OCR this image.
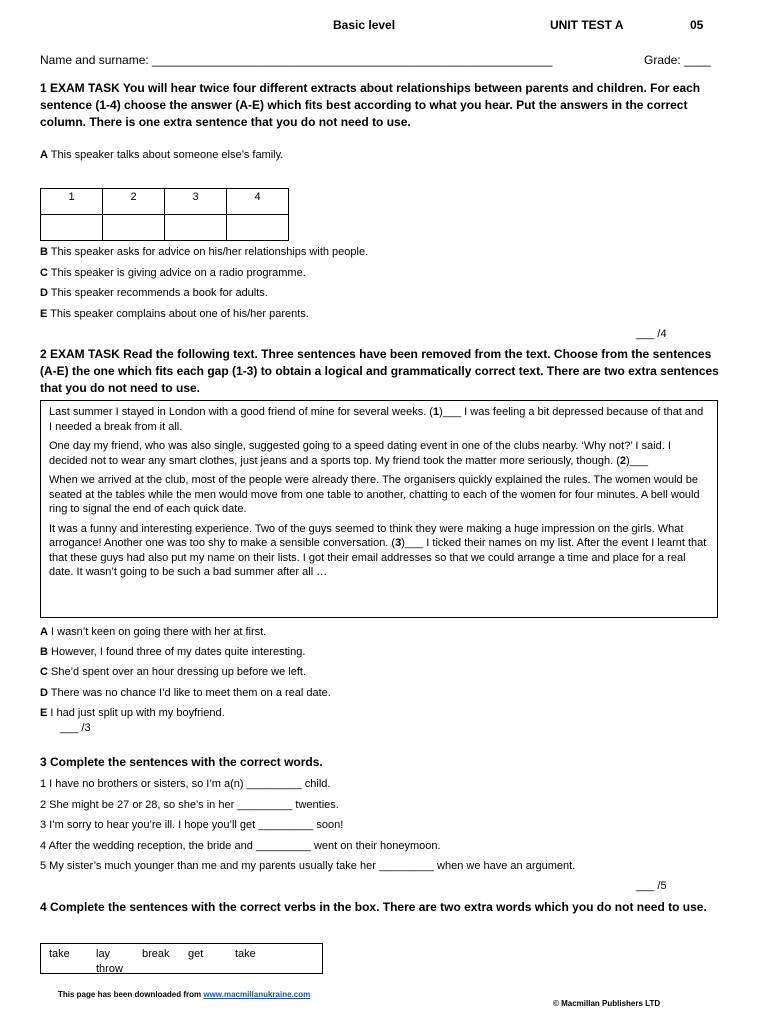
Basic level	UNIT TEST A	05
Name and surname: ____________________________________________________________	Grade: ____
1 EXAM TASK You will hear twice four different extracts about relationships between parents and children. For each sentence (1-4) choose the answer (A-E) which fits best according to what you hear. Put the answers in the correct column. There is one extra sentence that you do not need to use.
A This speaker talks about someone else’s family.
1	2	3	4

B This speaker asks for advice on his/her relationships with people.
C This speaker is giving advice on a radio programme.
D This speaker recommends a book for adults.
E This speaker complains about one of his/her parents.
___ /4
2 EXAM TASK Read the following text. Three sentences have been removed from the text. Choose from the sentences (A-E) the one which fits each gap (1-3) to obtain a logical and grammatically correct text. There are two extra sentences that you do not need to use.

Last summer I stayed in London with a good friend of mine for several weeks. (1)___ I was feeling a bit depressed because of that and I needed a break from it all.

One day my friend, who was also single, suggested going to a speed dating event in one of the clubs nearby. ‘Why not?’ I said. I decided not to wear any smart clothes, just jeans and a sports top. My friend took the matter more seriously, though. (2)___

When we arrived at the club, most of the people were already there. The organisers quickly explained the rules. The women would be seated at the tables while the men would move from one table to another, chatting to each of the women for four minutes. A bell would ring to signal the end of each quick date.

It was a funny and interesting experience. Two of the guys seemed to think they were making a huge impression on the girls. What arrogance! Another one was too shy to make a sensible conversation. (3)___ I ticked their names on my list. After the event I learnt that that these guys had also put my name on their lists. I got their email addresses so that we could arrange a time and place for a real date. It wasn’t going to be such a bad summer after all …

A I wasn’t keen on going there with her at first.
B However, I found three of my dates quite interesting.
C She’d spent over an hour dressing up before we left.
D There was no chance I’d like to meet them on a real date.
E I had just split up with my boyfriend.
___ /3
3 Complete the sentences with the correct words.
1 I have no brothers or sisters, so I’m a(n) _________ child.
2 She might be 27 or 28, so she’s in her _________ twenties.
3 I’m sorry to hear you’re ill. I hope you’ll get _________ soon!
4 After the wedding reception, the bride and _________ went on their honeymoon.
5 My sister’s much younger than me and my parents usually take her _________ when we have an argument.
___ /5
4 Complete the sentences with the correct verbs in the box. There are two extra words which you do not need to use.
take lay	break get	take
throw
This page has been downloaded from www.macmillanukraine.com
© Macmillan Publishers LTD
